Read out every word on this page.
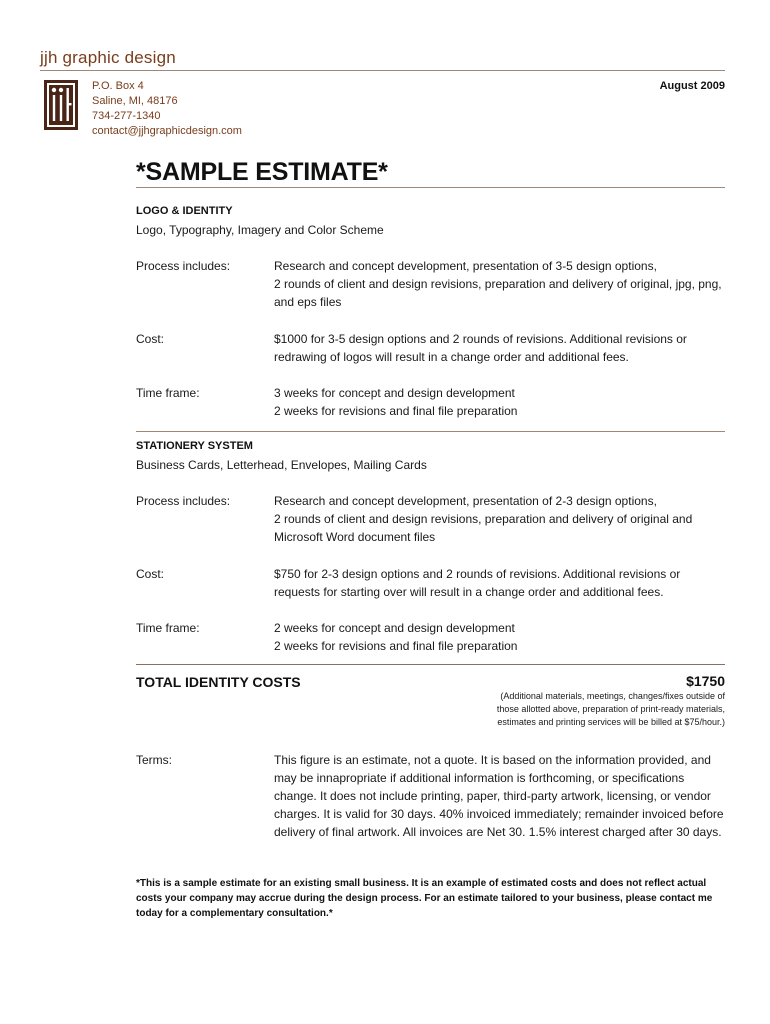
jjh graphic design
P.O. Box 4
Saline, MI, 48176
734-277-1340
contact@jjhgraphicdesign.com
August 2009
*SAMPLE ESTIMATE*
LOGO & IDENTITY
Logo, Typography, Imagery and Color Scheme
Process includes:	Research and concept development, presentation of 3-5 design options,
2 rounds of client and design revisions, preparation and delivery of original, jpg, png,
and eps files
Cost:	$1000 for 3-5 design options and 2 rounds of revisions. Additional revisions or
redrawing of logos will result in a change order and additional fees.
Time frame:	3 weeks for concept and design development
2 weeks for revisions and final file preparation
STATIONERY SYSTEM
Business Cards, Letterhead, Envelopes, Mailing Cards
Process includes:	Research and concept development, presentation of 2-3 design options,
2 rounds of client and design revisions, preparation and delivery of original and
Microsoft Word document files
Cost:	$750 for 2-3 design options and 2 rounds of revisions. Additional revisions or
requests for starting over will result in a change order and additional fees.
Time frame:	2 weeks for concept and design development
2 weeks for revisions and final file preparation
TOTAL IDENTITY COSTS	$1750
(Additional materials, meetings, changes/fixes outside of
those allotted above, preparation of print-ready materials,
estimates and printing services will be billed at $75/hour.)
Terms:	This figure is an estimate, not a quote. It is based on the information provided, and
may be innapropriate if additional information is forthcoming, or specifications
change. It does not include printing, paper, third-party artwork, licensing, or vendor
charges. It is valid for 30 days. 40% invoiced immediately; remainder invoiced before
delivery of final artwork. All invoices are Net 30. 1.5% interest charged after 30 days.
*This is a sample estimate for an existing small business. It is an example of estimated costs and does not reflect actual
costs your company may accrue during the design process. For an estimate tailored to your business, please contact me
today for a complementary consultation.*
